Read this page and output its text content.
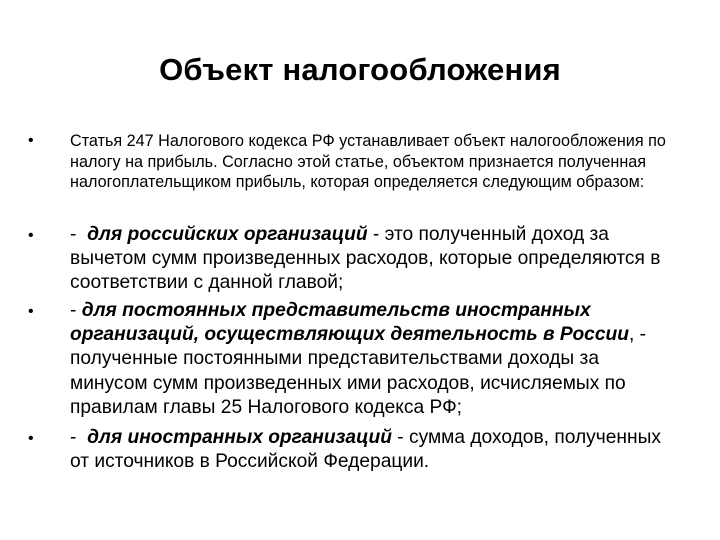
Объект налогообложения
• Статья 247 Налогового кодекса РФ устанавливает объект налогообложения по налогу на прибыль. Согласно этой статье, объектом признается полученная налогоплательщиком прибыль, которая определяется следующим образом:
• -  для российских организаций - это полученный доход за вычетом сумм произведенных расходов, которые определяются в соответствии с данной главой;
• - для постоянных представительств иностранных организаций, осуществляющих деятельность в России, - полученные постоянными представительствами доходы за минусом сумм произведенных ими расходов, исчисляемых по правилам главы 25 Налогового кодекса РФ;
• -  для иностранных организаций - сумма доходов, полученных от источников в Российской Федерации.
